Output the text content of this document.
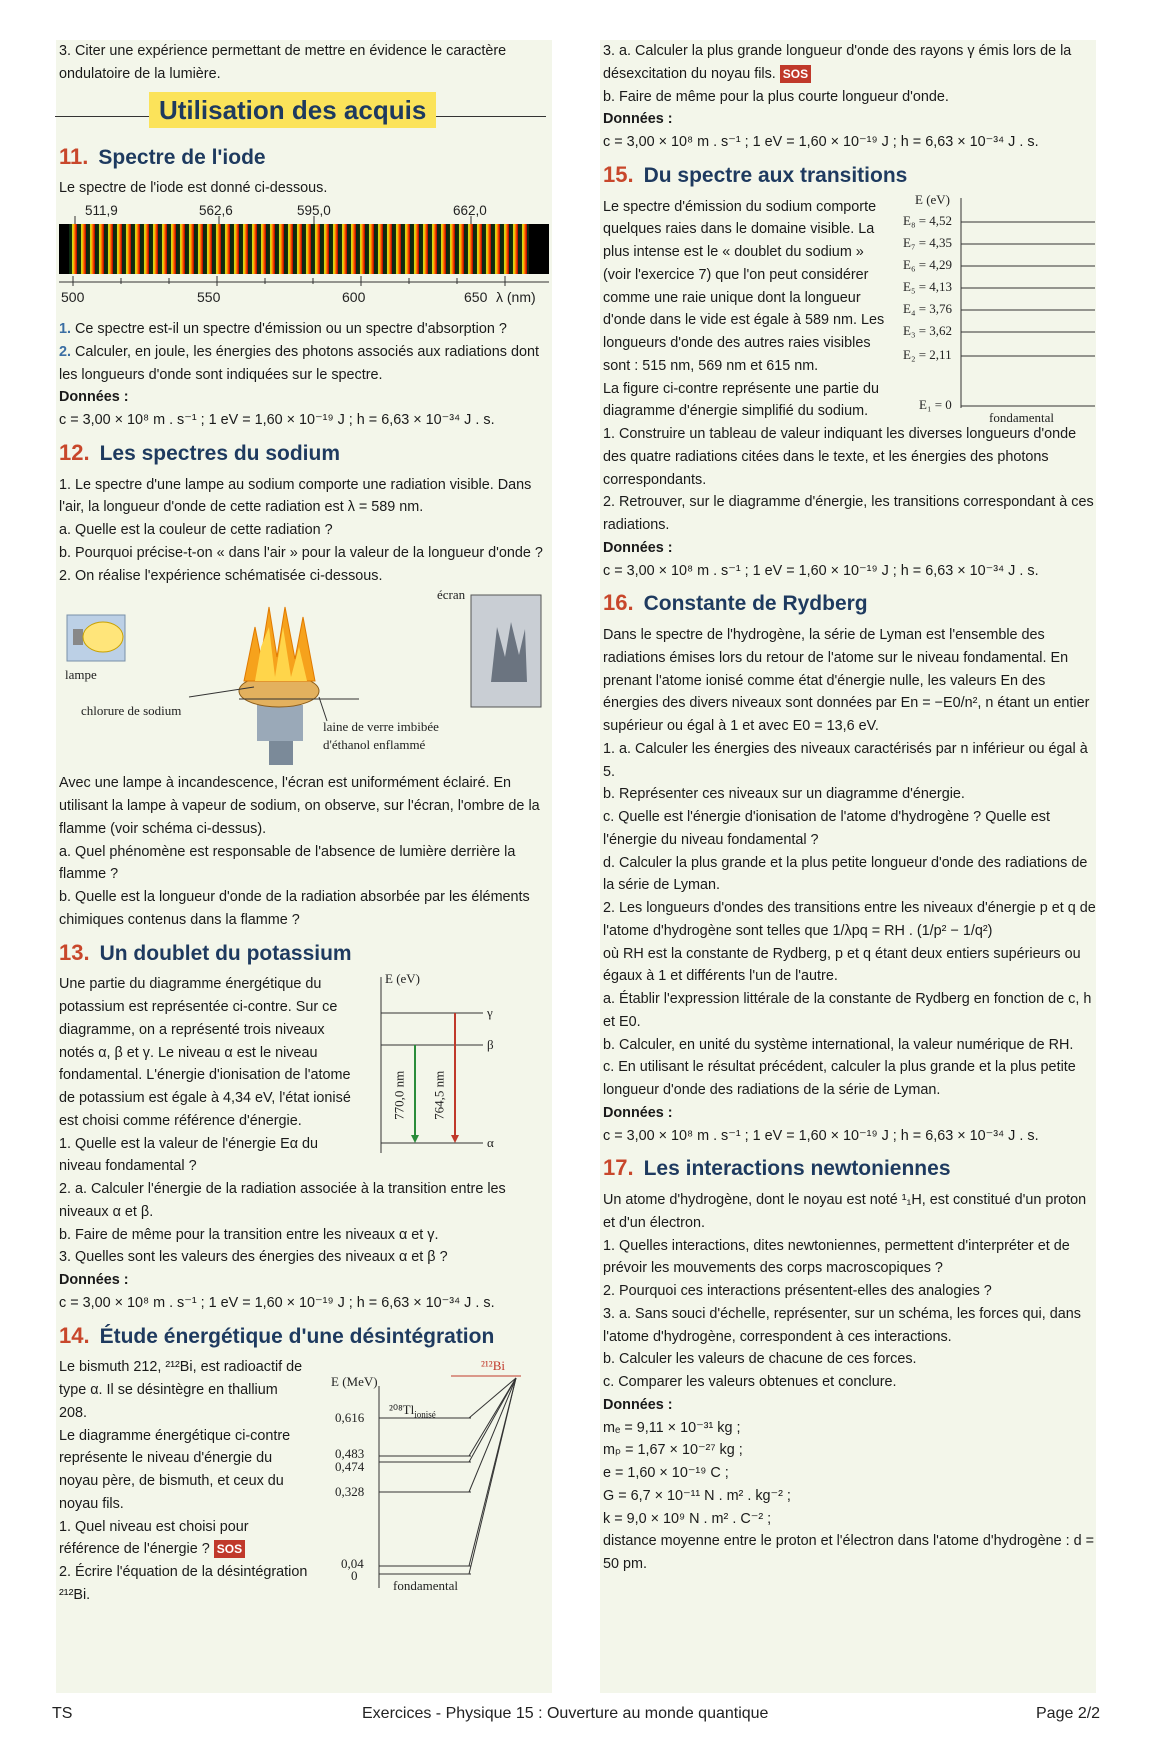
3. Citer une expérience permettant de mettre en évidence le caractère ondulatoire de la lumière.

Utilisation des acquis
11. Spectre de l'iode

Le spectre de l'iode est donné ci-dessous.

511,9	562,6	595,0	662,0
500	550	600	650 λ (nm)

1. Ce spectre est-il un spectre d'émission ou un spectre d'absorption ?

2. Calculer, en joule, les énergies des photons associés aux radiations dont les longueurs d'onde sont indiquées sur le spectre.

Données :

c = 3,00 × 10⁸ m . s⁻¹ ; 1 eV = 1,60 × 10⁻¹⁹ J ; h = 6,63 × 10⁻³⁴ J . s.

12. Les spectres du sodium

1. Le spectre d'une lampe au sodium comporte une radiation visible. Dans l'air, la longueur d'onde de cette radiation est λ = 589 nm.

a. Quelle est la couleur de cette radiation ?

b. Pourquoi précise-t-on « dans l'air » pour la valeur de la longueur d'onde ?

2. On réalise l'expérience schématisée ci-dessous.

écran
lampe
chlorure de sodium
laine de verre imbibée
d'éthanol enflammé

Avec une lampe à incandescence, l'écran est uniformément éclairé. En utilisant la lampe à vapeur de sodium, on observe, sur l'écran, l'ombre de la flamme (voir schéma ci-dessus).

a. Quel phénomène est responsable de l'absence de lumière derrière la flamme ?

b. Quelle est la longueur d'onde de la radiation absorbée par les éléments chimiques contenus dans la flamme ?

13. Un doublet du potassium

Une partie du diagramme énergétique du potassium est représentée ci-contre. Sur ce diagramme, on a représenté trois niveaux notés α, β et γ. Le niveau α est le niveau fondamental. L'énergie d'ionisation de l'atome de potassium est égale à 4,34 eV, l'état ionisé est choisi comme référence d'énergie.

1. Quelle est la valeur de l'énergie Eα du niveau fondamental ?

E (eV)
γ
β
α
770,0 nm 764,5 nm

2. a. Calculer l'énergie de la radiation associée à la transition entre les niveaux α et β.

b. Faire de même pour la transition entre les niveaux α et γ.

3. Quelles sont les valeurs des énergies des niveaux α et β ?

Données :

c = 3,00 × 10⁸ m . s⁻¹ ; 1 eV = 1,60 × 10⁻¹⁹ J ; h = 6,63 × 10⁻³⁴ J . s.

14. Étude énergétique d'une désintégration

Le bismuth 212, ²¹²Bi, est radioactif de type α. Il se désintègre en thallium 208.

Le diagramme énergétique ci-contre représente le niveau d'énergie du noyau père, de bismuth, et ceux du noyau fils.

1. Quel niveau est choisi pour référence de l'énergie ? SOS

2. Écrire l'équation de la désintégration ²¹²Bi.

E (MeV)
²¹²Bi
$^{208}Tl_{ionisé}$
0,616
0,483
0,474
0,328
0,04
0
fondamental

3. a. Calculer la plus grande longueur d'onde des rayons γ émis lors de la désexcitation du noyau fils. SOS

b. Faire de même pour la plus courte longueur d'onde.

Données :

c = 3,00 × 10⁸ m . s⁻¹ ; 1 eV = 1,60 × 10⁻¹⁹ J ; h = 6,63 × 10⁻³⁴ J . s.

15. Du spectre aux transitions

Le spectre d'émission du sodium comporte quelques raies dans le domaine visible. La plus intense est le « doublet du sodium » (voir l'exercice 7) que l'on peut considérer comme une raie unique dont la longueur d'onde dans le vide est égale à 589 nm. Les longueurs d'onde des autres raies visibles sont : 515 nm, 569 nm et 615 nm.

La figure ci-contre représente une partie du diagramme d'énergie simplifié du sodium.

E (eV)
E₈ = 4,52
E₇ = 4,35
E₆ = 4,29
E₅ = 4,13
E₄ = 3,76
E₃ = 3,62
E₂ = 2,11
E₁ = 0
fondamental

1. Construire un tableau de valeur indiquant les diverses longueurs d'onde des quatre radiations citées dans le texte, et les énergies des photons correspondants.

2. Retrouver, sur le diagramme d'énergie, les transitions correspondant à ces radiations.

Données :

c = 3,00 × 10⁸ m . s⁻¹ ; 1 eV = 1,60 × 10⁻¹⁹ J ; h = 6,63 × 10⁻³⁴ J . s.

16. Constante de Rydberg

Dans le spectre de l'hydrogène, la série de Lyman est l'ensemble des radiations émises lors du retour de l'atome sur le niveau fondamental. En prenant l'atome ionisé comme état d'énergie nulle, les valeurs En des énergies des divers niveaux sont données par En = −E0/n², n étant un entier supérieur ou égal à 1 et avec E0 = 13,6 eV.

1. a. Calculer les énergies des niveaux caractérisés par n inférieur ou égal à 5.

b. Représenter ces niveaux sur un diagramme d'énergie.

c. Quelle est l'énergie d'ionisation de l'atome d'hydrogène ? Quelle est l'énergie du niveau fondamental ?

d. Calculer la plus grande et la plus petite longueur d'onde des radiations de la série de Lyman.

2. Les longueurs d'ondes des transitions entre les niveaux d'énergie p et q de l'atome d'hydrogène sont telles que 1/λpq = RH . (1/p² − 1/q²)

où RH est la constante de Rydberg, p et q étant deux entiers supérieurs ou égaux à 1 et différents l'un de l'autre.

a. Établir l'expression littérale de la constante de Rydberg en fonction de c, h et E0.

b. Calculer, en unité du système international, la valeur numérique de RH.

c. En utilisant le résultat précédent, calculer la plus grande et la plus petite longueur d'onde des radiations de la série de Lyman.

Données :

c = 3,00 × 10⁸ m . s⁻¹ ; 1 eV = 1,60 × 10⁻¹⁹ J ; h = 6,63 × 10⁻³⁴ J . s.

17. Les interactions newtoniennes

Un atome d'hydrogène, dont le noyau est noté ¹₁H, est constitué d'un proton et d'un électron.

1. Quelles interactions, dites newtoniennes, permettent d'interpréter et de prévoir les mouvements des corps macroscopiques ?

2. Pourquoi ces interactions présentent-elles des analogies ?

3. a. Sans souci d'échelle, représenter, sur un schéma, les forces qui, dans l'atome d'hydrogène, correspondent à ces interactions.

b. Calculer les valeurs de chacune de ces forces.

c. Comparer les valeurs obtenues et conclure.

Données :

mₑ = 9,11 × 10⁻³¹ kg ;

mₚ = 1,67 × 10⁻²⁷ kg ;

e = 1,60 × 10⁻¹⁹ C ;

G = 6,7 × 10⁻¹¹ N . m² . kg⁻² ;

k = 9,0 × 10⁹ N . m² . C⁻² ;

distance moyenne entre le proton et l'électron dans l'atome d'hydrogène : d = 50 pm.

TS	Exercices - Physique 15 : Ouverture au monde quantique	Page 2/2
